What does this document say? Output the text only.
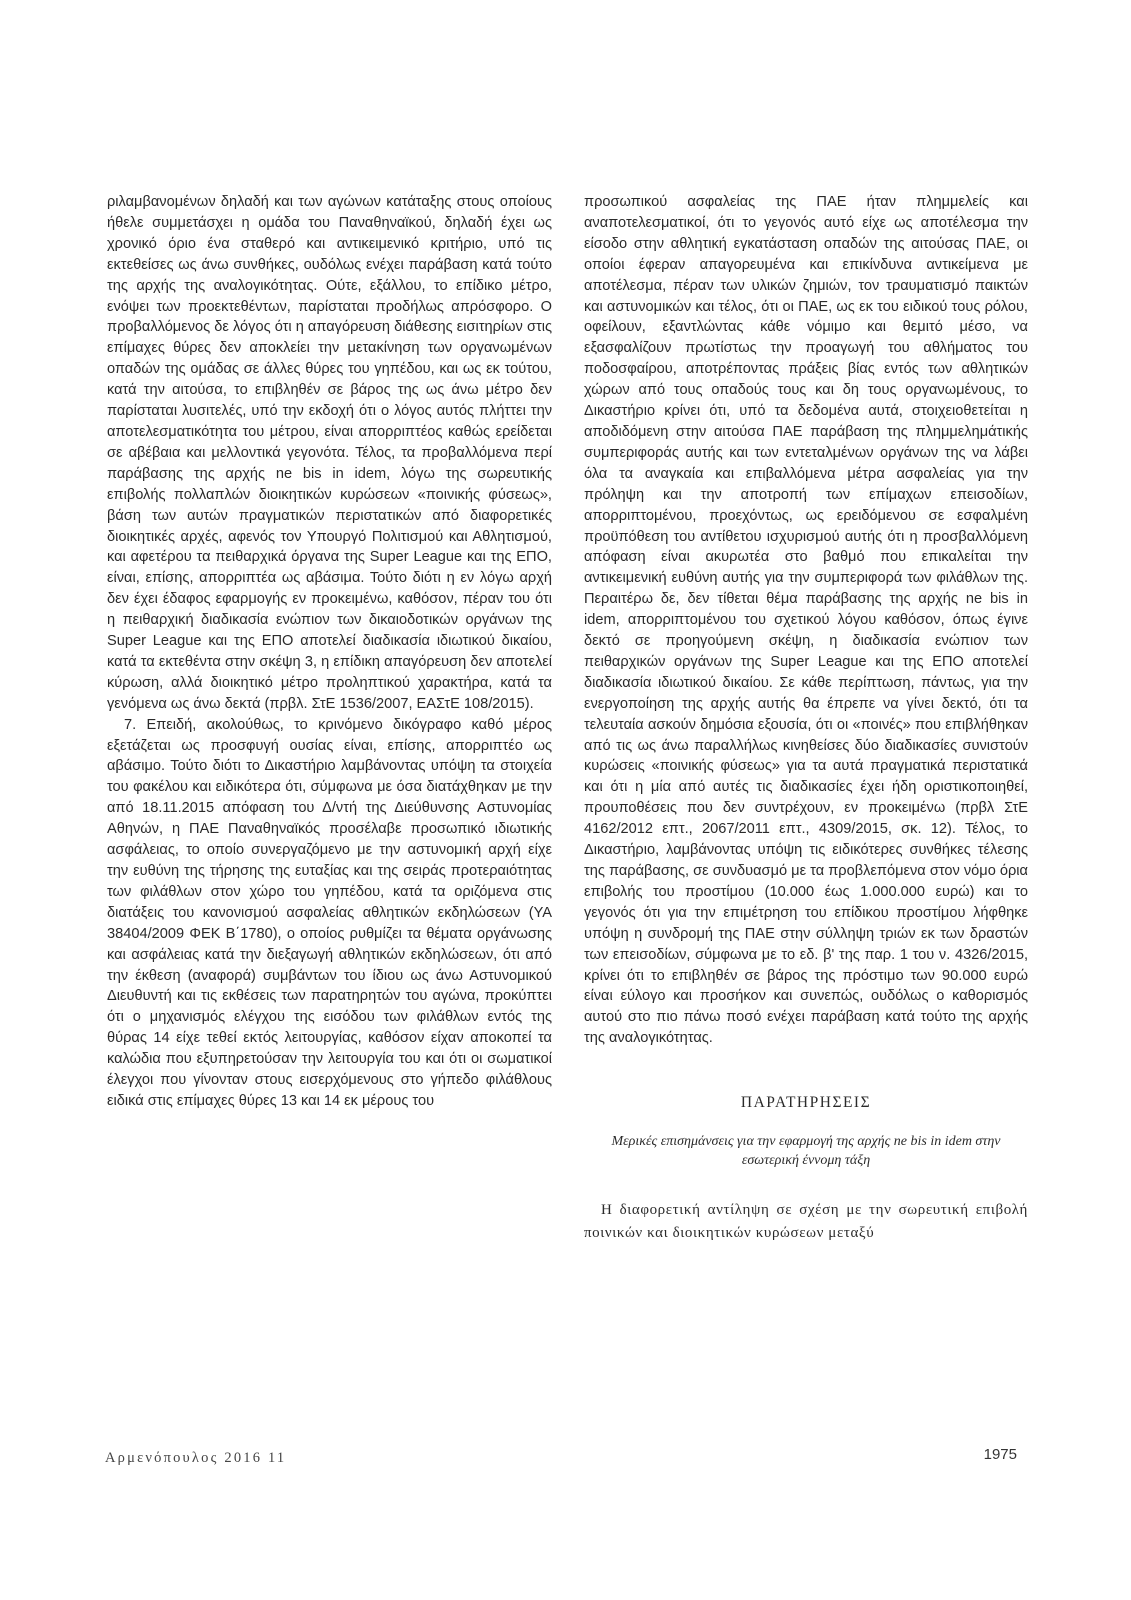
ριλαμβανομένων δηλαδή και των αγώνων κατάταξης στους οποίους ήθελε συμμετάσχει η ομάδα του Παναθηναϊκού, δηλαδή έχει ως χρονικό όριο ένα σταθερό και αντικειμενικό κριτήριο, υπό τις εκτεθείσες ως άνω συνθήκες, ουδόλως ενέχει παράβαση κατά τούτο της αρχής της αναλογικότητας. Ούτε, εξάλλου, το επίδικο μέτρο, ενόψει των προεκτεθέντων, παρίσταται προδήλως απρόσφορο. Ο προβαλλόμενος δε λόγος ότι η απαγόρευση διάθεσης εισιτηρίων στις επίμαχες θύρες δεν αποκλείει την μετακίνηση των οργανωμένων οπαδών της ομάδας σε άλλες θύρες του γηπέδου, και ως εκ τούτου, κατά την αιτούσα, το επιβληθέν σε βάρος της ως άνω μέτρο δεν παρίσταται λυσιτελές, υπό την εκδοχή ότι ο λόγος αυτός πλήττει την αποτελεσματικότητα του μέτρου, είναι απορριπτέος καθώς ερείδεται σε αβέβαια και μελλοντικά γεγονότα. Τέλος, τα προβαλλόμενα περί παράβασης της αρχής ne bis in idem, λόγω της σωρευτικής επιβολής πολλαπλών διοικητικών κυρώσεων «ποινικής φύσεως», βάση των αυτών πραγματικών περιστατικών από διαφορετικές διοικητικές αρχές, αφενός τον Υπουργό Πολιτισμού και Αθλητισμού, και αφετέρου τα πειθαρχικά όργανα της Super League και της ΕΠΟ, είναι, επίσης, απορριπτέα ως αβάσιμα. Τούτο διότι η εν λόγω αρχή δεν έχει έδαφος εφαρμογής εν προκειμένω, καθόσον, πέραν του ότι η πειθαρχική διαδικασία ενώπιον των δικαιοδοτικών οργάνων της Super League και της ΕΠΟ αποτελεί διαδικασία ιδιωτικού δικαίου, κατά τα εκτεθέντα στην σκέψη 3, η επίδικη απαγόρευση δεν αποτελεί κύρωση, αλλά διοικητικό μέτρο προληπτικού χαρακτήρα, κατά τα γενόμενα ως άνω δεκτά (πρβλ. ΣτΕ 1536/2007, ΕΑΣτΕ 108/2015).

7. Επειδή, ακολούθως, το κρινόμενο δικόγραφο καθό μέρος εξετάζεται ως προσφυγή ουσίας είναι, επίσης, απορριπτέο ως αβάσιμο. Τούτο διότι το Δικαστήριο λαμβάνοντας υπόψη τα στοιχεία του φακέλου και ειδικότερα ότι, σύμφωνα με όσα διατάχθηκαν με την από 18.11.2015 απόφαση του Δ/ντή της Διεύθυνσης Αστυνομίας Αθηνών, η ΠΑΕ Παναθηναϊκός προσέλαβε προσωπικό ιδιωτικής ασφάλειας, το οποίο συνεργαζόμενο με την αστυνομική αρχή είχε την ευθύνη της τήρησης της ευταξίας και της σειράς προτεραιότητας των φιλάθλων στον χώρο του γηπέδου, κατά τα οριζόμενα στις διατάξεις του κανονισμού ασφαλείας αθλητικών εκδηλώσεων (ΥΑ 38404/2009 ΦΕΚ Β΄1780), ο οποίος ρυθμίζει τα θέματα οργάνωσης και ασφάλειας κατά την διεξαγωγή αθλητικών εκδηλώσεων, ότι από την έκθεση (αναφορά) συμβάντων του ίδιου ως άνω Αστυνομικού Διευθυντή και τις εκθέσεις των παρατηρητών του αγώνα, προκύπτει ότι ο μηχανισμός ελέγχου της εισόδου των φιλάθλων εντός της θύρας 14 είχε τεθεί εκτός λειτουργίας, καθόσον είχαν αποκοπεί τα καλώδια που εξυπηρετούσαν την λειτουργία του και ότι οι σωματικοί έλεγχοι που γίνονταν στους εισερχόμενους στο γήπεδο φιλάθλους ειδικά στις επίμαχες θύρες 13 και 14 εκ μέρους του

προσωπικού ασφαλείας της ΠΑΕ ήταν πλημμελείς και αναποτελεσματικοί, ότι το γεγονός αυτό είχε ως αποτέλεσμα την είσοδο στην αθλητική εγκατάσταση οπαδών της αιτούσας ΠΑΕ, οι οποίοι έφεραν απαγορευμένα και επικίνδυνα αντικείμενα με αποτέλεσμα, πέραν των υλικών ζημιών, τον τραυματισμό παικτών και αστυνομικών και τέλος, ότι οι ΠΑΕ, ως εκ του ειδικού τους ρόλου, οφείλουν, εξαντλώντας κάθε νόμιμο και θεμιτό μέσο, να εξασφαλίζουν πρωτίστως την προαγωγή του αθλήματος του ποδοσφαίρου, αποτρέποντας πράξεις βίας εντός των αθλητικών χώρων από τους οπαδούς τους και δη τους οργανωμένους, το Δικαστήριο κρίνει ότι, υπό τα δεδομένα αυτά, στοιχειοθετείται η αποδιδόμενη στην αιτούσα ΠΑΕ παράβαση της πλημμελημάτικής συμπεριφοράς αυτής και των εντεταλμένων οργάνων της να λάβει όλα τα αναγκαία και επιβαλλόμενα μέτρα ασφαλείας για την πρόληψη και την αποτροπή των επίμαχων επεισοδίων, απορριπτομένου, προεχόντως, ως ερειδόμενου σε εσφαλμένη προϋπόθεση του αντίθετου ισχυρισμού αυτής ότι η προσβαλλόμενη απόφαση είναι ακυρωτέα στο βαθμό που επικαλείται την αντικειμενική ευθύνη αυτής για την συμπεριφορά των φιλάθλων της. Περαιτέρω δε, δεν τίθεται θέμα παράβασης της αρχής ne bis in idem, απορριπτομένου του σχετικού λόγου καθόσον, όπως έγινε δεκτό σε προηγούμενη σκέψη, η διαδικασία ενώπιον των πειθαρχικών οργάνων της Super League και της ΕΠΟ αποτελεί διαδικασία ιδιωτικού δικαίου. Σε κάθε περίπτωση, πάντως, για την ενεργοποίηση της αρχής αυτής θα έπρεπε να γίνει δεκτό, ότι τα τελευταία ασκούν δημόσια εξουσία, ότι οι «ποινές» που επιβλήθηκαν από τις ως άνω παραλλήλως κινηθείσες δύο διαδικασίες συνιστούν κυρώσεις «ποινικής φύσεως» για τα αυτά πραγματικά περιστατικά και ότι η μία από αυτές τις διαδικασίες έχει ήδη οριστικοποιηθεί, προυποθέσεις που δεν συντρέχουν, εν προκειμένω (πρβλ ΣτΕ 4162/2012 επτ., 2067/2011 επτ., 4309/2015, σκ. 12). Τέλος, το Δικαστήριο, λαμβάνοντας υπόψη τις ειδικότερες συνθήκες τέλεσης της παράβασης, σε συνδυασμό με τα προβλεπόμενα στον νόμο όρια επιβολής του προστίμου (10.000 έως 1.000.000 ευρώ) και το γεγονός ότι για την επιμέτρηση του επίδικου προστίμου λήφθηκε υπόψη η συνδρομή της ΠΑΕ στην σύλληψη τριών εκ των δραστών των επεισοδίων, σύμφωνα με το εδ. β' της παρ. 1 του ν. 4326/2015, κρίνει ότι το επιβληθέν σε βάρος της πρόστιμο των 90.000 ευρώ είναι εύλογο και προσήκον και συνεπώς, ουδόλως ο καθορισμός αυτού στο πιο πάνω ποσό ενέχει παράβαση κατά τούτο της αρχής της αναλογικότητας.

ΠΑΡΑΤΗΡΗΣΕΙΣ

Μερικές επισημάνσεις για την εφαρμογή της αρχής ne bis in idem στην εσωτερική έννομη τάξη

Η διαφορετική αντίληψη σε σχέση με την σωρευτική επιβολή ποινικών και διοικητικών κυρώσεων μεταξύ

Αρμενόπουλος 2016 11	1975
